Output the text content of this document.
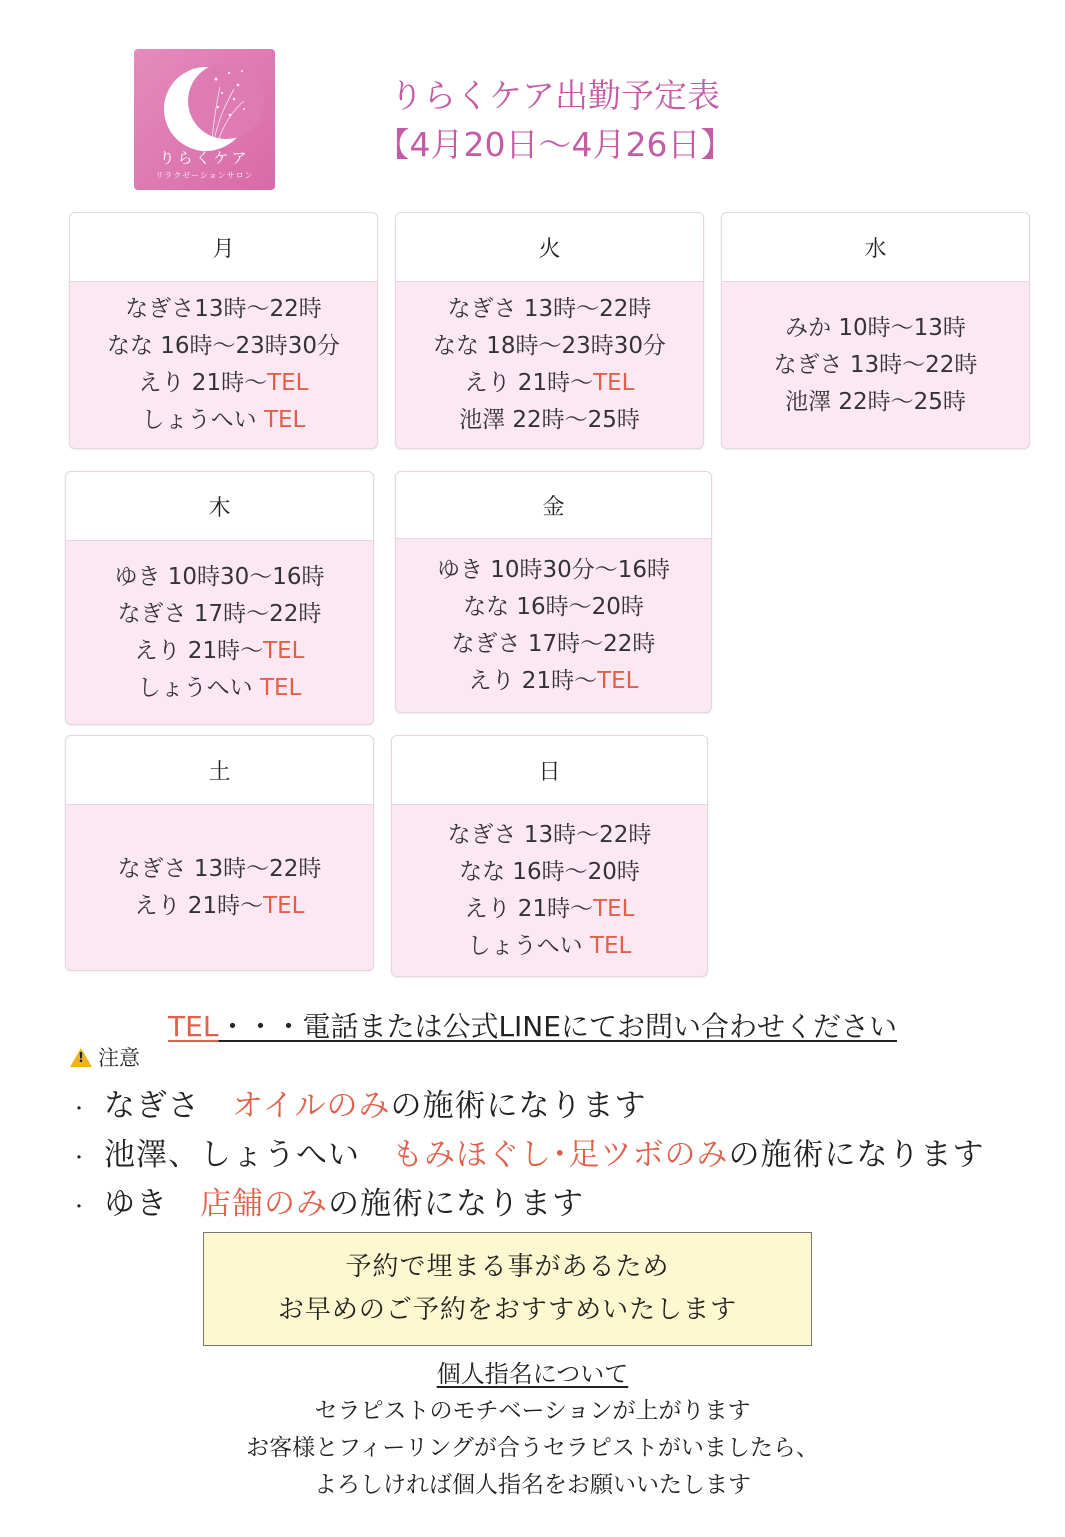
りらくケア
リラクゼーションサロン
りらくケア出勤予定表
【4月20日～4月26日】
月
なぎさ13時～22時
なな 16時～23時30分
えり 21時～TEL
しょうへい TEL
火
なぎさ 13時～22時
なな 18時～23時30分
えり 21時～TEL
池澤 22時～25時
水
みか 10時～13時
なぎさ 13時～22時
池澤 22時～25時
木
ゆき 10時30～16時
なぎさ 17時～22時
えり 21時～TEL
しょうへい TEL
金
ゆき 10時30分～16時
なな 16時～20時
なぎさ 17時～22時
えり 21時～TEL
土
なぎさ 13時～22時
えり 21時～TEL
日
なぎさ 13時～22時
なな 16時～20時
えり 21時～TEL
しょうへい TEL
TEL・・・電話または公式LINEにてお問い合わせください
!
注意
・ なぎさ　オイルのみの施術になります
・ 池澤、しょうへい　もみほぐし･足ツボのみの施術になります
・ ゆき　店舗のみの施術になります
予約で埋まる事があるため
お早めのご予約をおすすめいたします
個人指名について
セラピストのモチベーションが上がります
お客様とフィーリングが合うセラピストがいましたら、
よろしければ個人指名をお願いいたします
